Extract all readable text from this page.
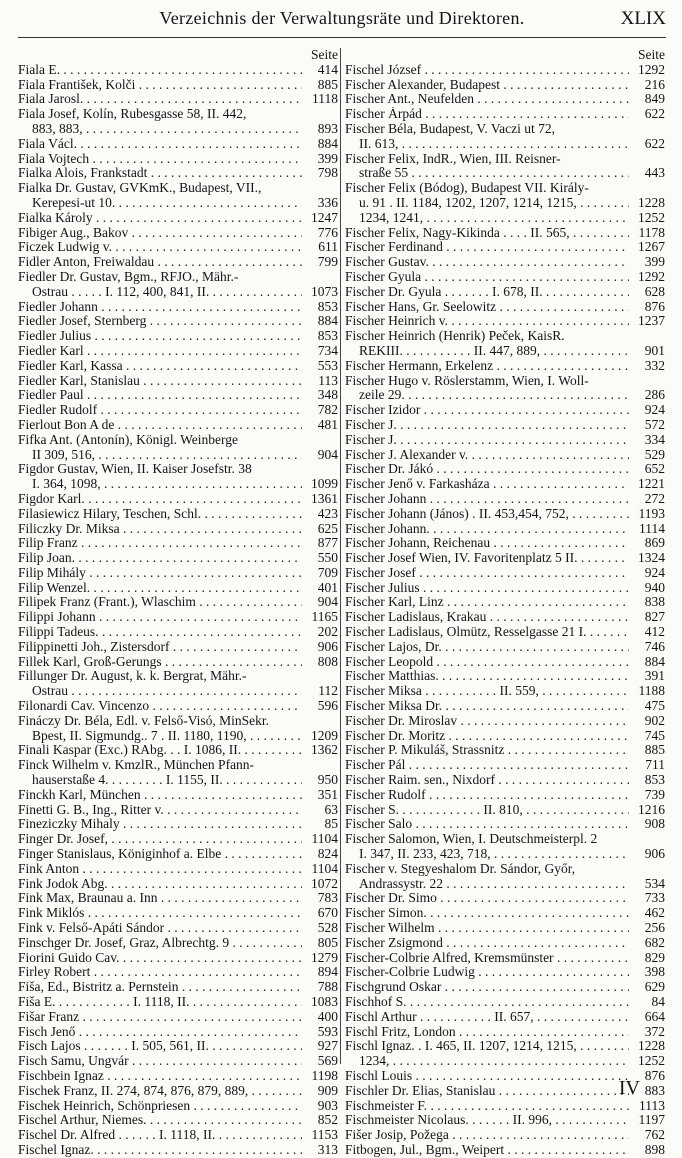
Verzeichnis der Verwaltungsräte und Direktoren.	XLIX
Seite
Fiala E. . . .	414
Fiala František, Kolči . . .	885
Fiala Jarosl. . . .	1118
Fiala Josef, Kolín, Rubesgasse 58, II. 442,
883, 883, . . .	893
Fiala Václ. . . .	884
Fiala Vojtech . . .	399
Fialka Alois, Frankstadt . . .	798
Fialka Dr. Gustav, GVKmK., Budapest, VII.,
Kerepesi-ut 10. . . .	336
Fialka Károly . . .	1247
Fibiger Aug., Bakov . . .	776
Ficzek Ludwig v. . . .	611
Fidler Anton, Freiwaldau . . .	799
Fiedler Dr. Gustav, Bgm., RFJO., Mähr.-
Ostrau . . . . . I. 112, 400, 841, II. . . .	1073
Fiedler Johann . . .	853
Fiedler Josef, Sternberg . . .	884
Fiedler Julius . . .	853
Fiedler Karl . . .	734
Fiedler Karl, Kassa . . .	553
Fiedler Karl, Stanislau . . .	113
Fiedler Paul . . .	348
Fiedler Rudolf . . .	782
Fierlout Bon A de . . .	481
Fifka Ant. (Antonín), Königl. Weinberge
II 309, 516, . . .	904
Figdor Gustav, Wien, II. Kaiser Josefstr. 38
I. 364, 1098, . . .	1099
Figdor Karl. . . .	1361
Filasiewicz Hilary, Teschen, Schl. . . .	423
Filiczky Dr. Miksa . . .	625
Filip Franz . . .	877
Filip Joan. . . .	550
Filip Mihály . . .	709
Filip Wenzel. . . .	401
Filipek Franz (Frant.), Wlaschim . . .	904
Filippi Johann . . .	1165
Filippi Tadeus. . . .	202
Filippinetti Joh., Zistersdorf . . .	906
Fillek Karl, Groß-Gerungs . . .	808
Fillunger Dr. August, k. k. Bergrat, Mähr.-
Ostrau . . .	112
Filonardi Cav. Vincenzo . . .	596
Fináczy Dr. Béla, Edl. v. Felső-Visó, MinSekr.
Bpest, II. Sigmundg.. 7 . II. 1180, 1190, . . .	1209
Finali Kaspar (Exc.) RAbg. . . I. 1086, II. . . .	1362
Finck Wilhelm v. KmzlR., München Pfann-
hauserstaße 4. . . . . . . . . I. 1155, II. . . .	950
Finckh Karl, München . . .	351
Finetti G. B., Ing., Ritter v. . . .	63
Fineziczky Mihaly . . .	85
Finger Dr. Josef, . . .	1104
Finger Stanislaus, Königinhof a. Elbe . . .	824
Fink Anton . . .	1104
Fink Jodok Abg. . . .	1072
Fink Max, Braunau a. Inn . . .	783
Fink Miklós . . .	670
Fink v. Felső-Apáti Sándor . . .	528
Finschger Dr. Josef, Graz, Albrechtg. 9 . . .	805
Fiorini Guido Cav. . . .	1279
Firley Robert . . .	894
Fiša, Ed., Bistritz a. Pernstein . . .	788
Fiša E. . . . . . . . . . . . I. 1118, II. . . .	1083
Fišar Franz . . .	400
Fisch Jenő . . .	593
Fisch Lajos . . . . . . . I. 505, 561, II. . . .	927
Fisch Samu, Ungvár . . .	569
Fischbein Ignaz . . .	1198
Fischek Franz, II. 274, 874, 876, 879, 889, . . .	909
Fischek Heinrich, Schönpriesen . . .	903
Fischel Arthur, Niemes. . . .	852
Fischel Dr. Alfred . . . . . . I. 1118, II. . . .	1153
Fischel Ignaz. . . .	313
Seite
Fischel József . . .	1292
Fischer Alexander, Budapest . . .	216
Fischer Ant., Neufelden . . .	849
Fischer Árpád . . .	622
Fischer Béla, Budapest, V. Vaczi ut 72,
II. 613, . . .	622
Fischer Felix, IndR., Wien, III. Reisner-
straße 55 . . .	443
Fischer Felix (Bódog), Budapest VII. Király-
u. 91 . II. 1184, 1202, 1207, 1214, 1215, . . .	1228
1234, 1241, . . .	1252
Fischer Felix, Nagy-Kikinda . . . . II. 565, . . .	1178
Fischer Ferdinand . . .	1267
Fischer Gustav. . . .	399
Fischer Gyula . . .	1292
Fischer Dr. Gyula . . . . . . . I. 678, II. . . .	628
Fischer Hans, Gr. Seelowitz . . .	876
Fischer Heinrich v. . . .	1237
Fischer Heinrich (Henrik) Peček, KaisR.
REKIII. . . . . . . . . . . II. 447, 889, . . .	901
Fischer Hermann, Erkelenz . . .	332
Fischer Hugo v. Röslerstamm, Wien, I. Woll-
zeile 29. . . .	286
Fischer Izidor . . .	924
Fischer J. . . .	572
Fischer J. . . .	334
Fischer J. Alexander v. . . .	529
Fischer Dr. Jákó . . .	652
Fischer Jenő v. Farkasháza . . .	1221
Fischer Johann . . .	272
Fischer Johann (János) . II. 453,454, 752, . . .	1193
Fischer Johann. . . .	1114
Fischer Johann, Reichenau . . .	869
Fischer Josef Wien, IV. Favoritenplatz 5 II. . . .	1324
Fischer Josef . . .	924
Fischer Julius . . .	940
Fischer Karl, Linz . . .	838
Fischer Ladislaus, Krakau . . .	827
Fischer Ladislaus, Olmütz, Resselgasse 21 I. . . .	412
Fischer Lajos, Dr. . . .	746
Fischer Leopold . . .	884
Fischer Matthias. . . .	391
Fischer Miksa . . . . . . . . . . . II. 559, . . .	1188
Fischer Miksa Dr. . . .	475
Fischer Dr. Miroslav . . .	902
Fischer Dr. Moritz . . .	745
Fischer P. Mikuláš, Strassnitz . . .	885
Fischer Pál . . .	711
Fischer Raim. sen., Nixdorf . . .	853
Fischer Rudolf . . .	739
Fischer S. . . . . . . . . . . . . II. 810, . . .	1216
Fischer Salo . . .	908
Fischer Salomon, Wien, I. Deutschmeisterpl. 2
I. 347, II. 233, 423, 718, . . .	906
Fischer v. Stegyeshalom Dr. Sándor, Győr,
Andrassystr. 22 . . .	534
Fischer Dr. Simo . . .	733
Fischer Simon. . . .	462
Fischer Wilhelm . . .	256
Fischer Zsigmond . . .	682
Fischer-Colbrie Alfred, Kremsmünster . . .	829
Fischer-Colbrie Ludwig . . .	398
Fischgrund Oskar . . .	629
Fischhof S. . . .	84
Fischl Arthur . . . . . . . . . . . II. 657, . . .	664
Fischl Fritz, London . . .	372
Fischl Ignaz. . I. 465, II. 1207, 1214, 1215, . . .	1228
1234, . . .	1252
Fischl Louis . . .	876
Fischler Dr. Elias, Stanislau . . .	883
Fischmeister F. . . .	1113
Fischmeister Nicolaus. . . . . . . II. 996, . . .	1197
Fišer Josip, Požega . . .	762
Fitbogen, Jul., Bgm., Weipert . . .	898
IV
